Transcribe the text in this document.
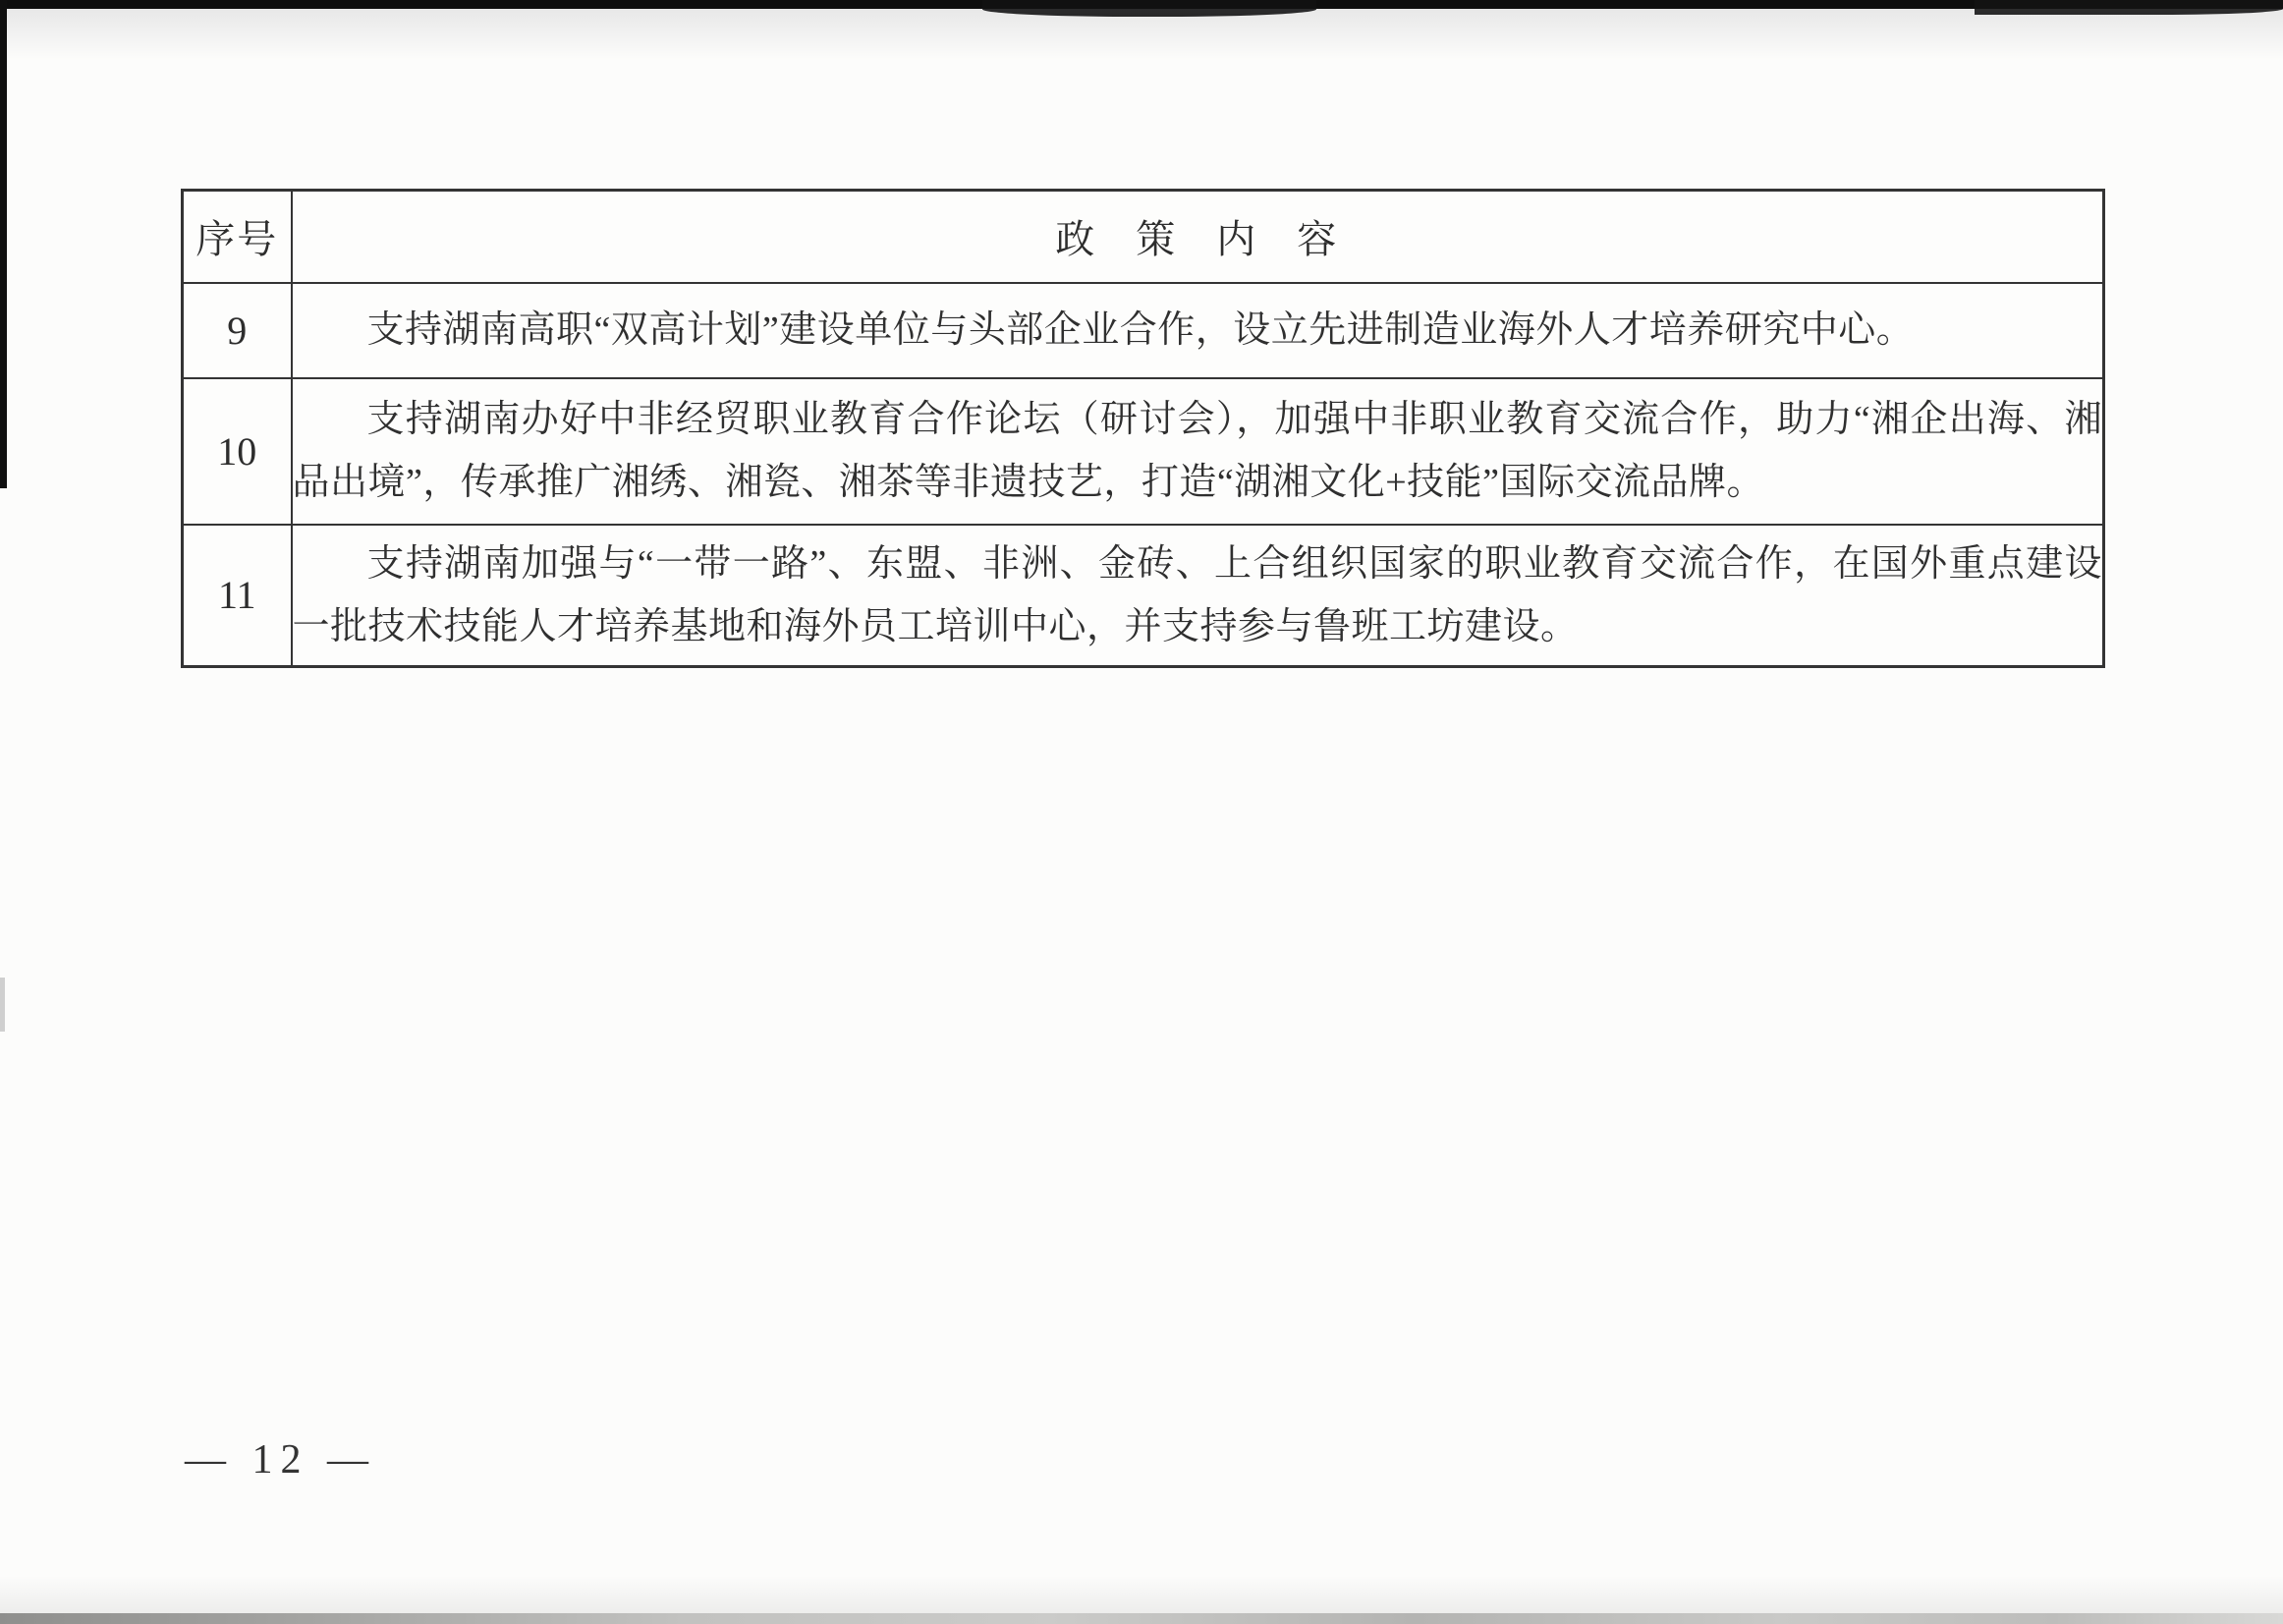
序号	政 策 内 容
9	支持湖南高职“双高计划”建设单位与头部企业合作，设立先进制造业海外人才培养研究中心。

10	支持湖南办好中非经贸职业教育合作论坛（研讨会），加强中非职业教育交流合作，助力“湘企出海、湘品出境”，传承推广湘绣、湘瓷、湘茶等非遗技艺，打造“湖湘文化+技能”国际交流品牌。

11	支持湖南加强与“一带一路”、东盟、非洲、金砖、上合组织国家的职业教育交流合作，在国外重点建设一批技术技能人才培养基地和海外员工培训中心，并支持参与鲁班工坊建设。

— 12 —
